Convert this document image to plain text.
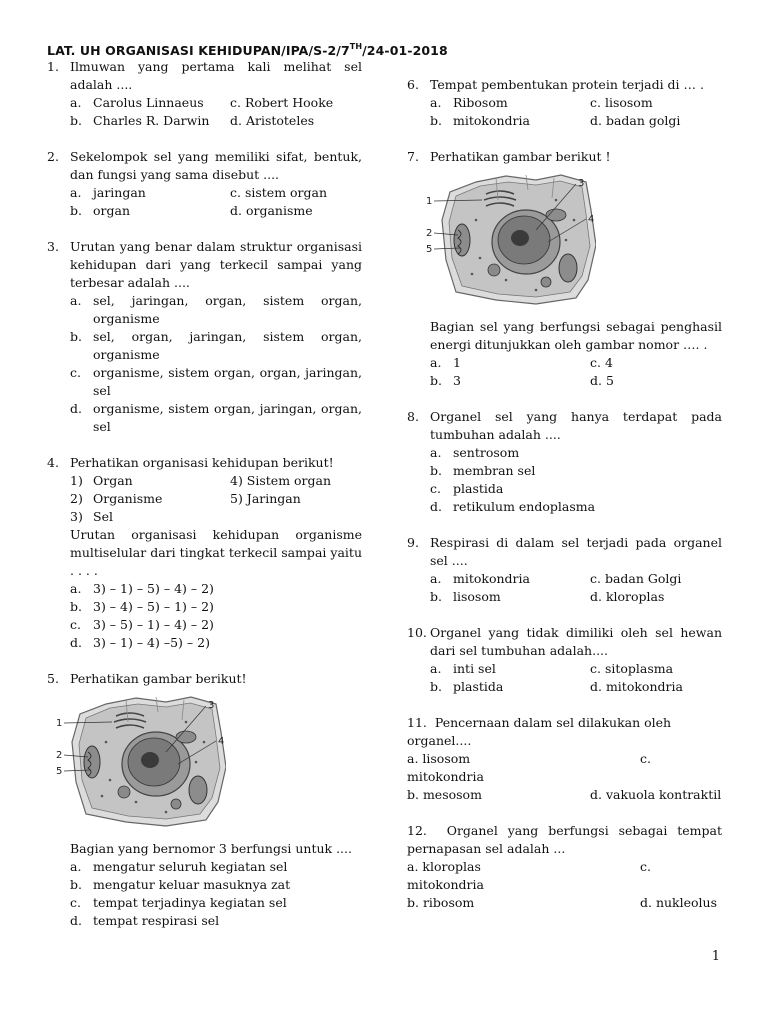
LAT. UH ORGANISASI KEHIDUPAN/IPA/S-2/7TH/24-01-2018
1. Ilmuwan yang pertama kali melihat sel adalah ....
a. Carolus Linnaeus	c. Robert Hooke
b. Charles R. Darwin	d. Aristoteles
2. Sekelompok sel yang memiliki sifat, bentuk, dan fungsi yang sama disebut ....
a. jaringan	c. sistem organ
b. organ	d. organisme
3. Urutan yang benar dalam struktur organisasi kehidupan dari yang terkecil sampai yang terbesar adalah ....
a. sel, jaringan, organ, sistem organ, organisme
b. sel, organ, jaringan, sistem organ, organisme
c. organisme, sistem organ, organ, jaringan, sel
d. organisme, sistem organ, jaringan, organ, sel
4. Perhatikan organisasi kehidupan berikut!
1) Organ	4) Sistem organ
2) Organisme	5) Jaringan
3) Sel
Urutan organisasi kehidupan organisme multiselular dari tingkat terkecil sampai yaitu . . . .
a. 3) – 1) – 5) – 4) – 2)
b. 3) – 4) – 5) – 1) – 2)
c. 3) – 5) – 1) – 4) – 2)
d. 3) – 1) – 4) –5) – 2)
5. Perhatikan gambar berikut!
1
2
3
4
5
Bagian yang bernomor 3 berfungsi untuk ....
a. mengatur seluruh kegiatan sel
b. mengatur keluar masuknya zat
c. tempat terjadinya kegiatan sel
d. tempat respirasi sel
6. Tempat pembentukan protein terjadi di … .
a. Ribosom	c. lisosom
b. mitokondria	d. badan golgi
7. Perhatikan gambar berikut !
1
2
3
4
5
Bagian sel yang berfungsi sebagai penghasil energi ditunjukkan oleh gambar nomor …. .
a. 1	c. 4
b. 3	d. 5
8. Organel sel yang hanya terdapat pada tumbuhan adalah ....
a. sentrosom
b. membran sel
c. plastida
d. retikulum endoplasma
9. Respirasi di dalam sel terjadi pada organel sel ....
a. mitokondria	c. badan Golgi
b. lisosom	d. kloroplas
10. Organel yang tidak dimiliki oleh sel hewan dari sel tumbuhan adalah....
a. inti sel	c. sitoplasma
b. plastida	d. mitokondria
11. Pencernaan dalam sel dilakukan oleh organel....
a. lisosom	c.
mitokondria
b. mesosom	d. vakuola kontraktil
12. Organel yang berfungsi sebagai tempat pernapasan sel adalah ...
a. kloroplas	c.
mitokondria
b. ribosom	d. nukleolus
1
